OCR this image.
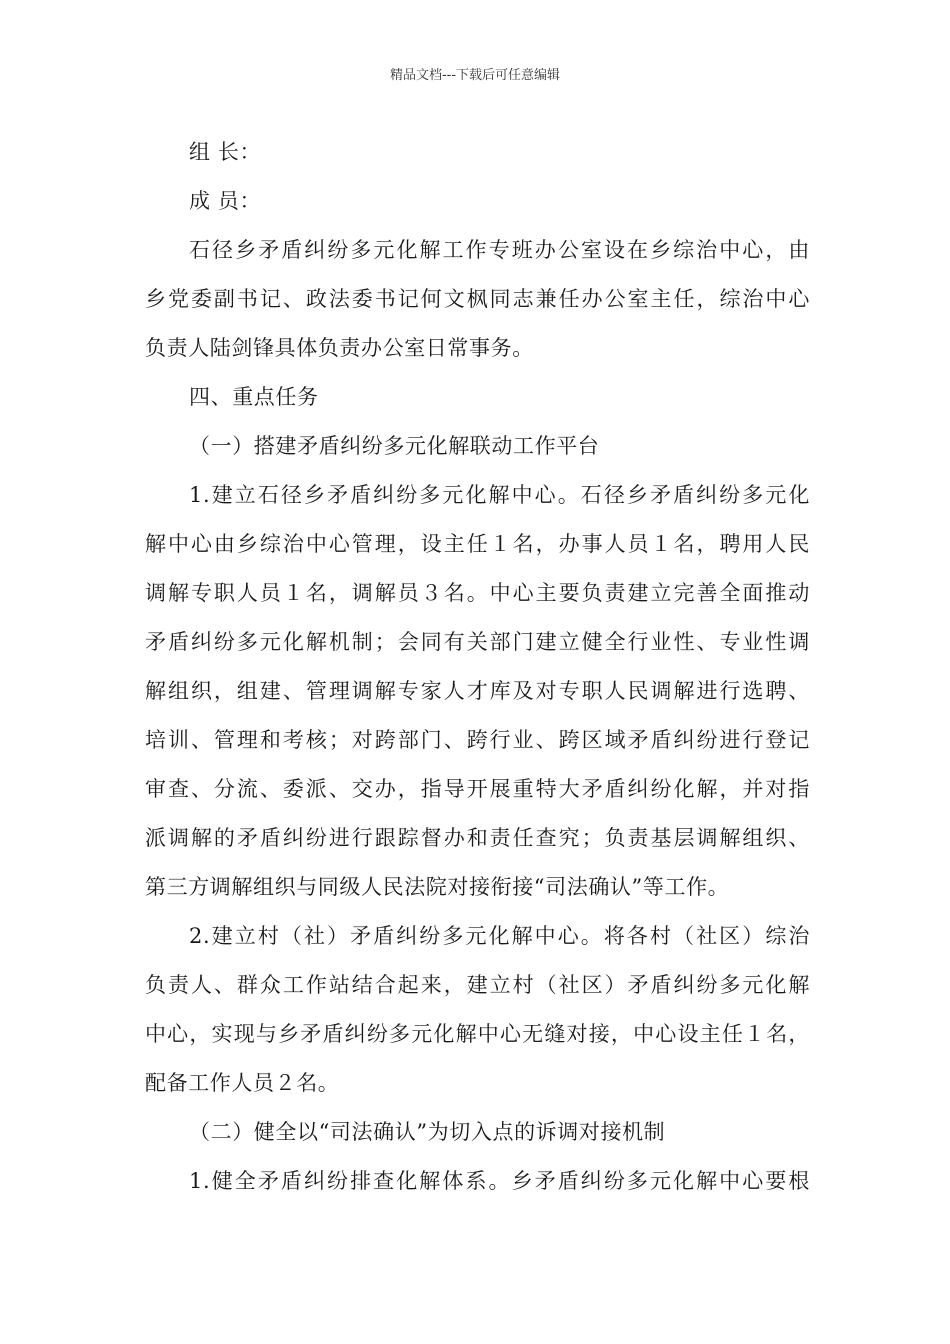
精品文档---下载后可任意编辑
组 长：
成 员：
石径乡矛盾纠纷多元化解工作专班办公室设在乡综治中心，由
乡党委副书记、政法委书记何文枫同志兼任办公室主任，综治中心
负责人陆剑锋具体负责办公室日常事务。
四、重点任务
（一）搭建矛盾纠纷多元化解联动工作平台
1.建立石径乡矛盾纠纷多元化解中心。石径乡矛盾纠纷多元化
解中心由乡综治中心管理，设主任１名，办事人员１名，聘用人民
调解专职人员１名，调解员３名。中心主要负责建立完善全面推动
矛盾纠纷多元化解机制；会同有关部门建立健全行业性、专业性调
解组织，组建、管理调解专家人才库及对专职人民调解进行选聘、
培训、管理和考核；对跨部门、跨行业、跨区域矛盾纠纷进行登记
审查、分流、委派、交办，指导开展重特大矛盾纠纷化解，并对指
派调解的矛盾纠纷进行跟踪督办和责任查究；负责基层调解组织、
第三方调解组织与同级人民法院对接衔接“司法确认”等工作。
2.建立村（社）矛盾纠纷多元化解中心。将各村（社区）综治
负责人、群众工作站结合起来，建立村（社区）矛盾纠纷多元化解
中心，实现与乡矛盾纠纷多元化解中心无缝对接，中心设主任１名，
配备工作人员２名。
（二）健全以“司法确认”为切入点的诉调对接机制
1.健全矛盾纠纷排查化解体系。乡矛盾纠纷多元化解中心要根
